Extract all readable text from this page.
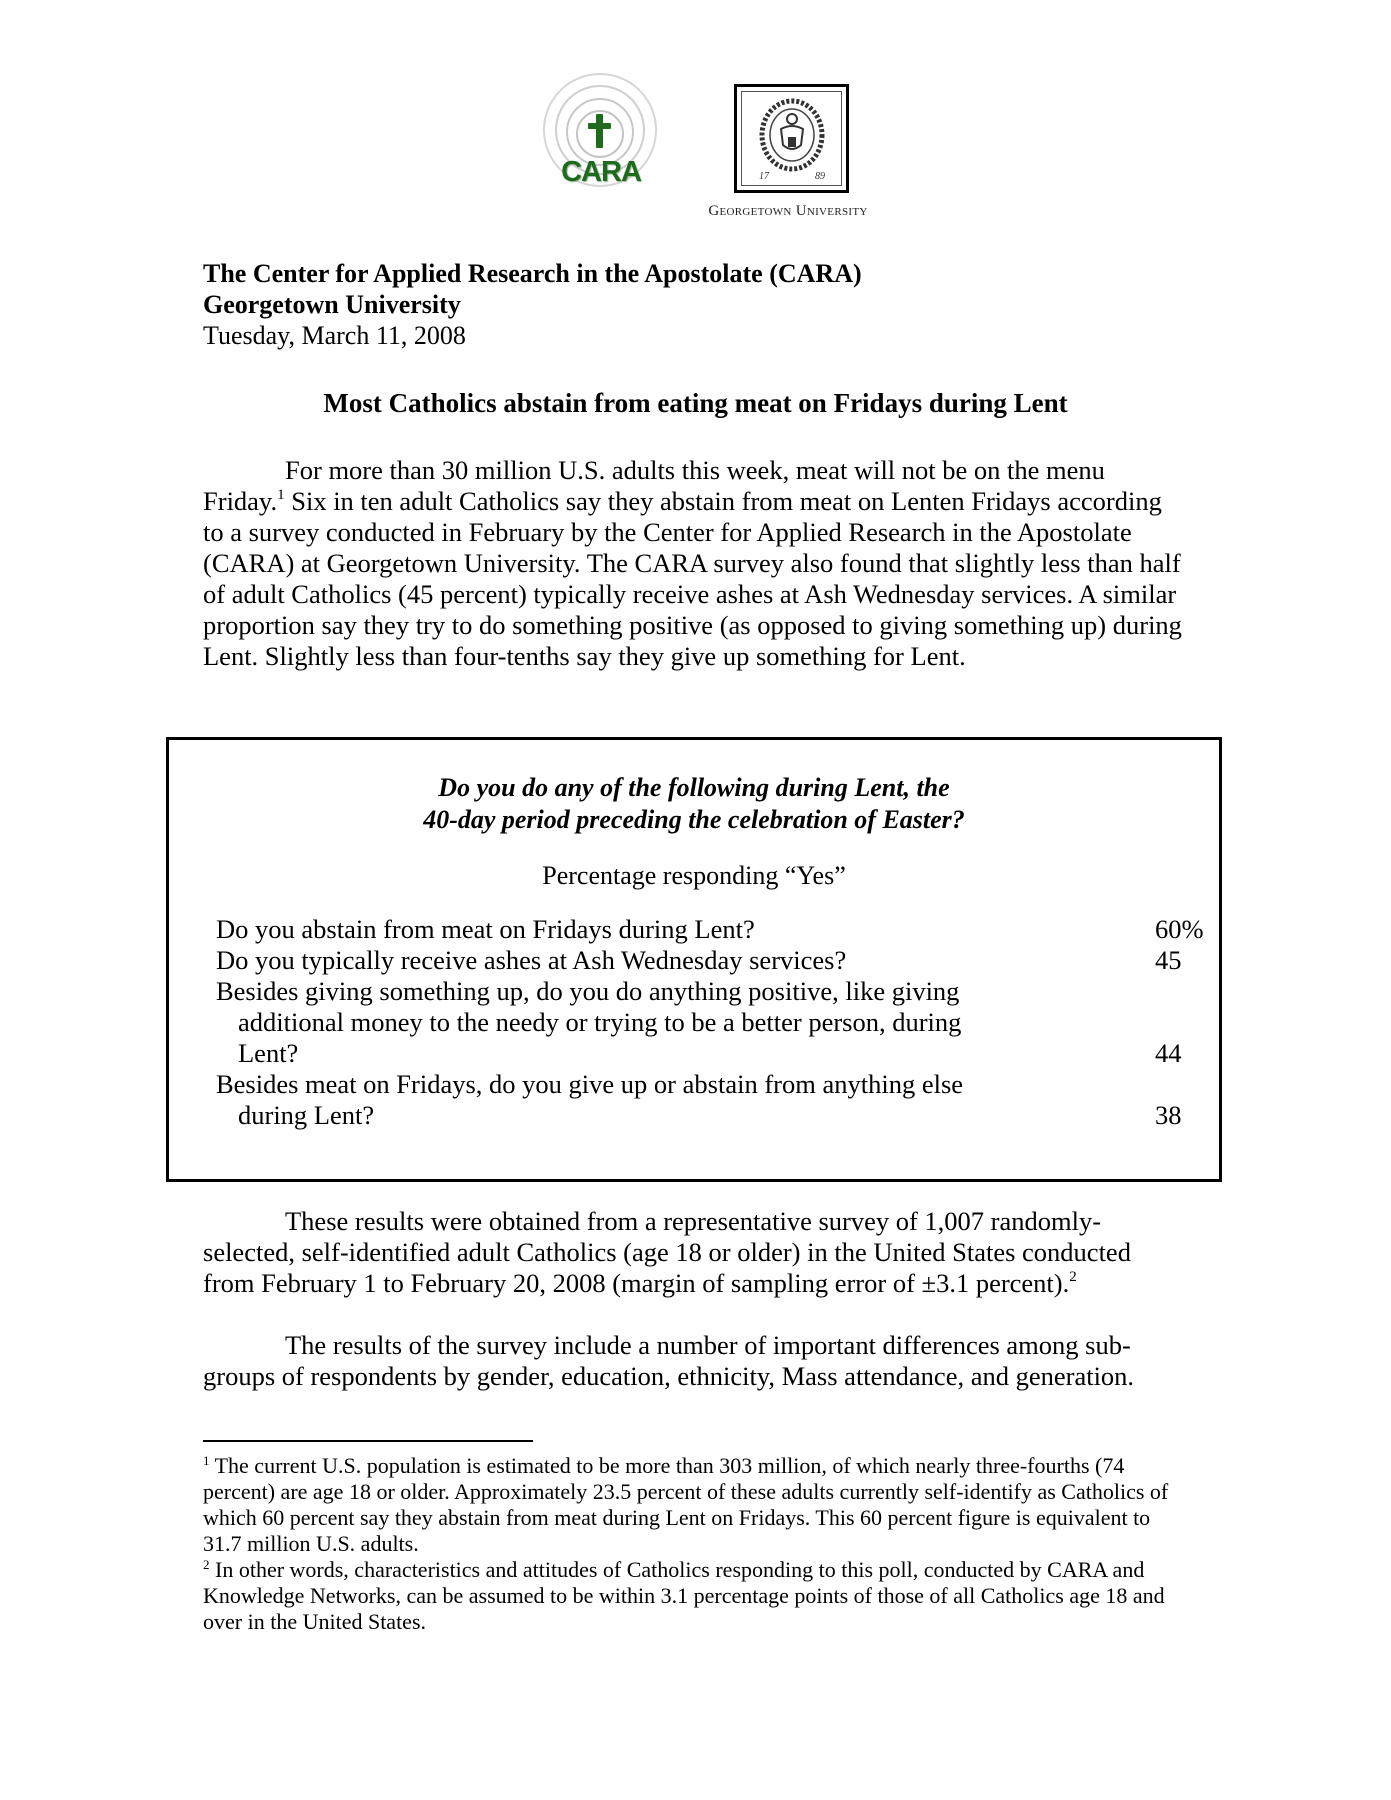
CARA	17	89
Georgetown University
The Center for Applied Research in the Apostolate (CARA)
Georgetown University
Tuesday, March 11, 2008
Most Catholics abstain from eating meat on Fridays during Lent
For more than 30 million U.S. adults this week, meat will not be on the menu Friday.$^1$ Six in ten adult Catholics say they abstain from meat on Lenten Fridays according to a survey conducted in February by the Center for Applied Research in the Apostolate (CARA) at Georgetown University. The CARA survey also found that slightly less than half of adult Catholics (45 percent) typically receive ashes at Ash Wednesday services. A similar proportion say they try to do something positive (as opposed to giving something up) during Lent. Slightly less than four-tenths say they give up something for Lent.
Do you do any of the following during Lent, the
40-day period preceding the celebration of Easter?
Percentage responding “Yes”
Do you abstain from meat on Fridays during Lent?	60%
Do you typically receive ashes at Ash Wednesday services?	45
Besides giving something up, do you do anything positive, like giving
additional money to the needy or trying to be a better person, during Lent?	44
Besides meat on Fridays, do you give up or abstain from anything else
during Lent?	38
These results were obtained from a representative survey of 1,007 randomly-selected, self-identified adult Catholics (age 18 or older) in the United States conducted from February 1 to February 20, 2008 (margin of sampling error of ±3.1 percent).$^2$
The results of the survey include a number of important differences among sub-groups of respondents by gender, education, ethnicity, Mass attendance, and generation.
$^1$ The current U.S. population is estimated to be more than 303 million, of which nearly three-fourths (74 percent) are age 18 or older. Approximately 23.5 percent of these adults currently self-identify as Catholics of which 60 percent say they abstain from meat during Lent on Fridays. This 60 percent figure is equivalent to 31.7 million U.S. adults.
$^2$ In other words, characteristics and attitudes of Catholics responding to this poll, conducted by CARA and Knowledge Networks, can be assumed to be within 3.1 percentage points of those of all Catholics age 18 and over in the United States.
